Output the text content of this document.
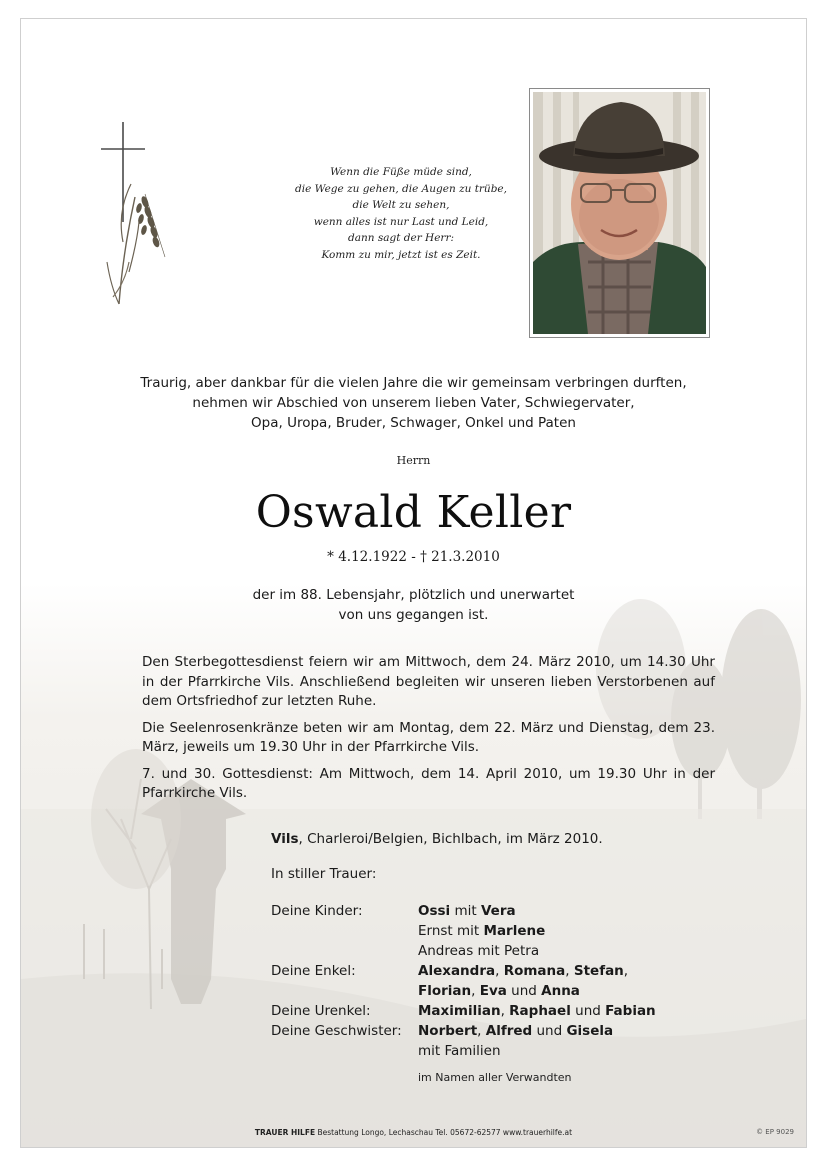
Wenn die Füße müde sind,
die Wege zu gehen, die Augen zu trübe,
die Welt zu sehen,
wenn alles ist nur Last und Leid,
dann sagt der Herr:
Komm zu mir, jetzt ist es Zeit.
Traurig, aber dankbar für die vielen Jahre die wir gemeinsam verbringen durften,
nehmen wir Abschied von unserem lieben Vater, Schwiegervater,
Opa, Uropa, Bruder, Schwager, Onkel und Paten
Herrn
Oswald Keller
* 4.12.1922 - † 21.3.2010
der im 88. Lebensjahr, plötzlich und unerwartet
von uns gegangen ist.

Den Sterbegottesdienst feiern wir am Mittwoch, dem 24. März 2010, um 14.30 Uhr in der Pfarrkirche Vils. Anschließend begleiten wir unseren lieben Verstorbenen auf dem Ortsfriedhof zur letzten Ruhe.

Die Seelenrosenkränze beten wir am Montag, dem 22. März und Dienstag, dem 23. März, jeweils um 19.30 Uhr in der Pfarrkirche Vils.

7. und 30. Gottesdienst: Am Mittwoch, dem 14. April 2010, um 19.30 Uhr in der Pfarrkirche Vils.

Vils, Charleroi/Belgien, Bichlbach, im März 2010.
In stiller Trauer:
Deine Kinder:	Ossi mit Vera
Ernst mit Marlene
Andreas mit Petra
Deine Enkel:	Alexandra, Romana, Stefan,
Florian, Eva und Anna
Deine Urenkel:	Maximilian, Raphael und Fabian
Deine Geschwister:	Norbert, Alfred und Gisela
mit Familien
im Namen aller Verwandten
TRAUER HILFE Bestattung Longo, Lechaschau Tel. 05672-62577 www.trauerhilfe.at	© EP 9029
